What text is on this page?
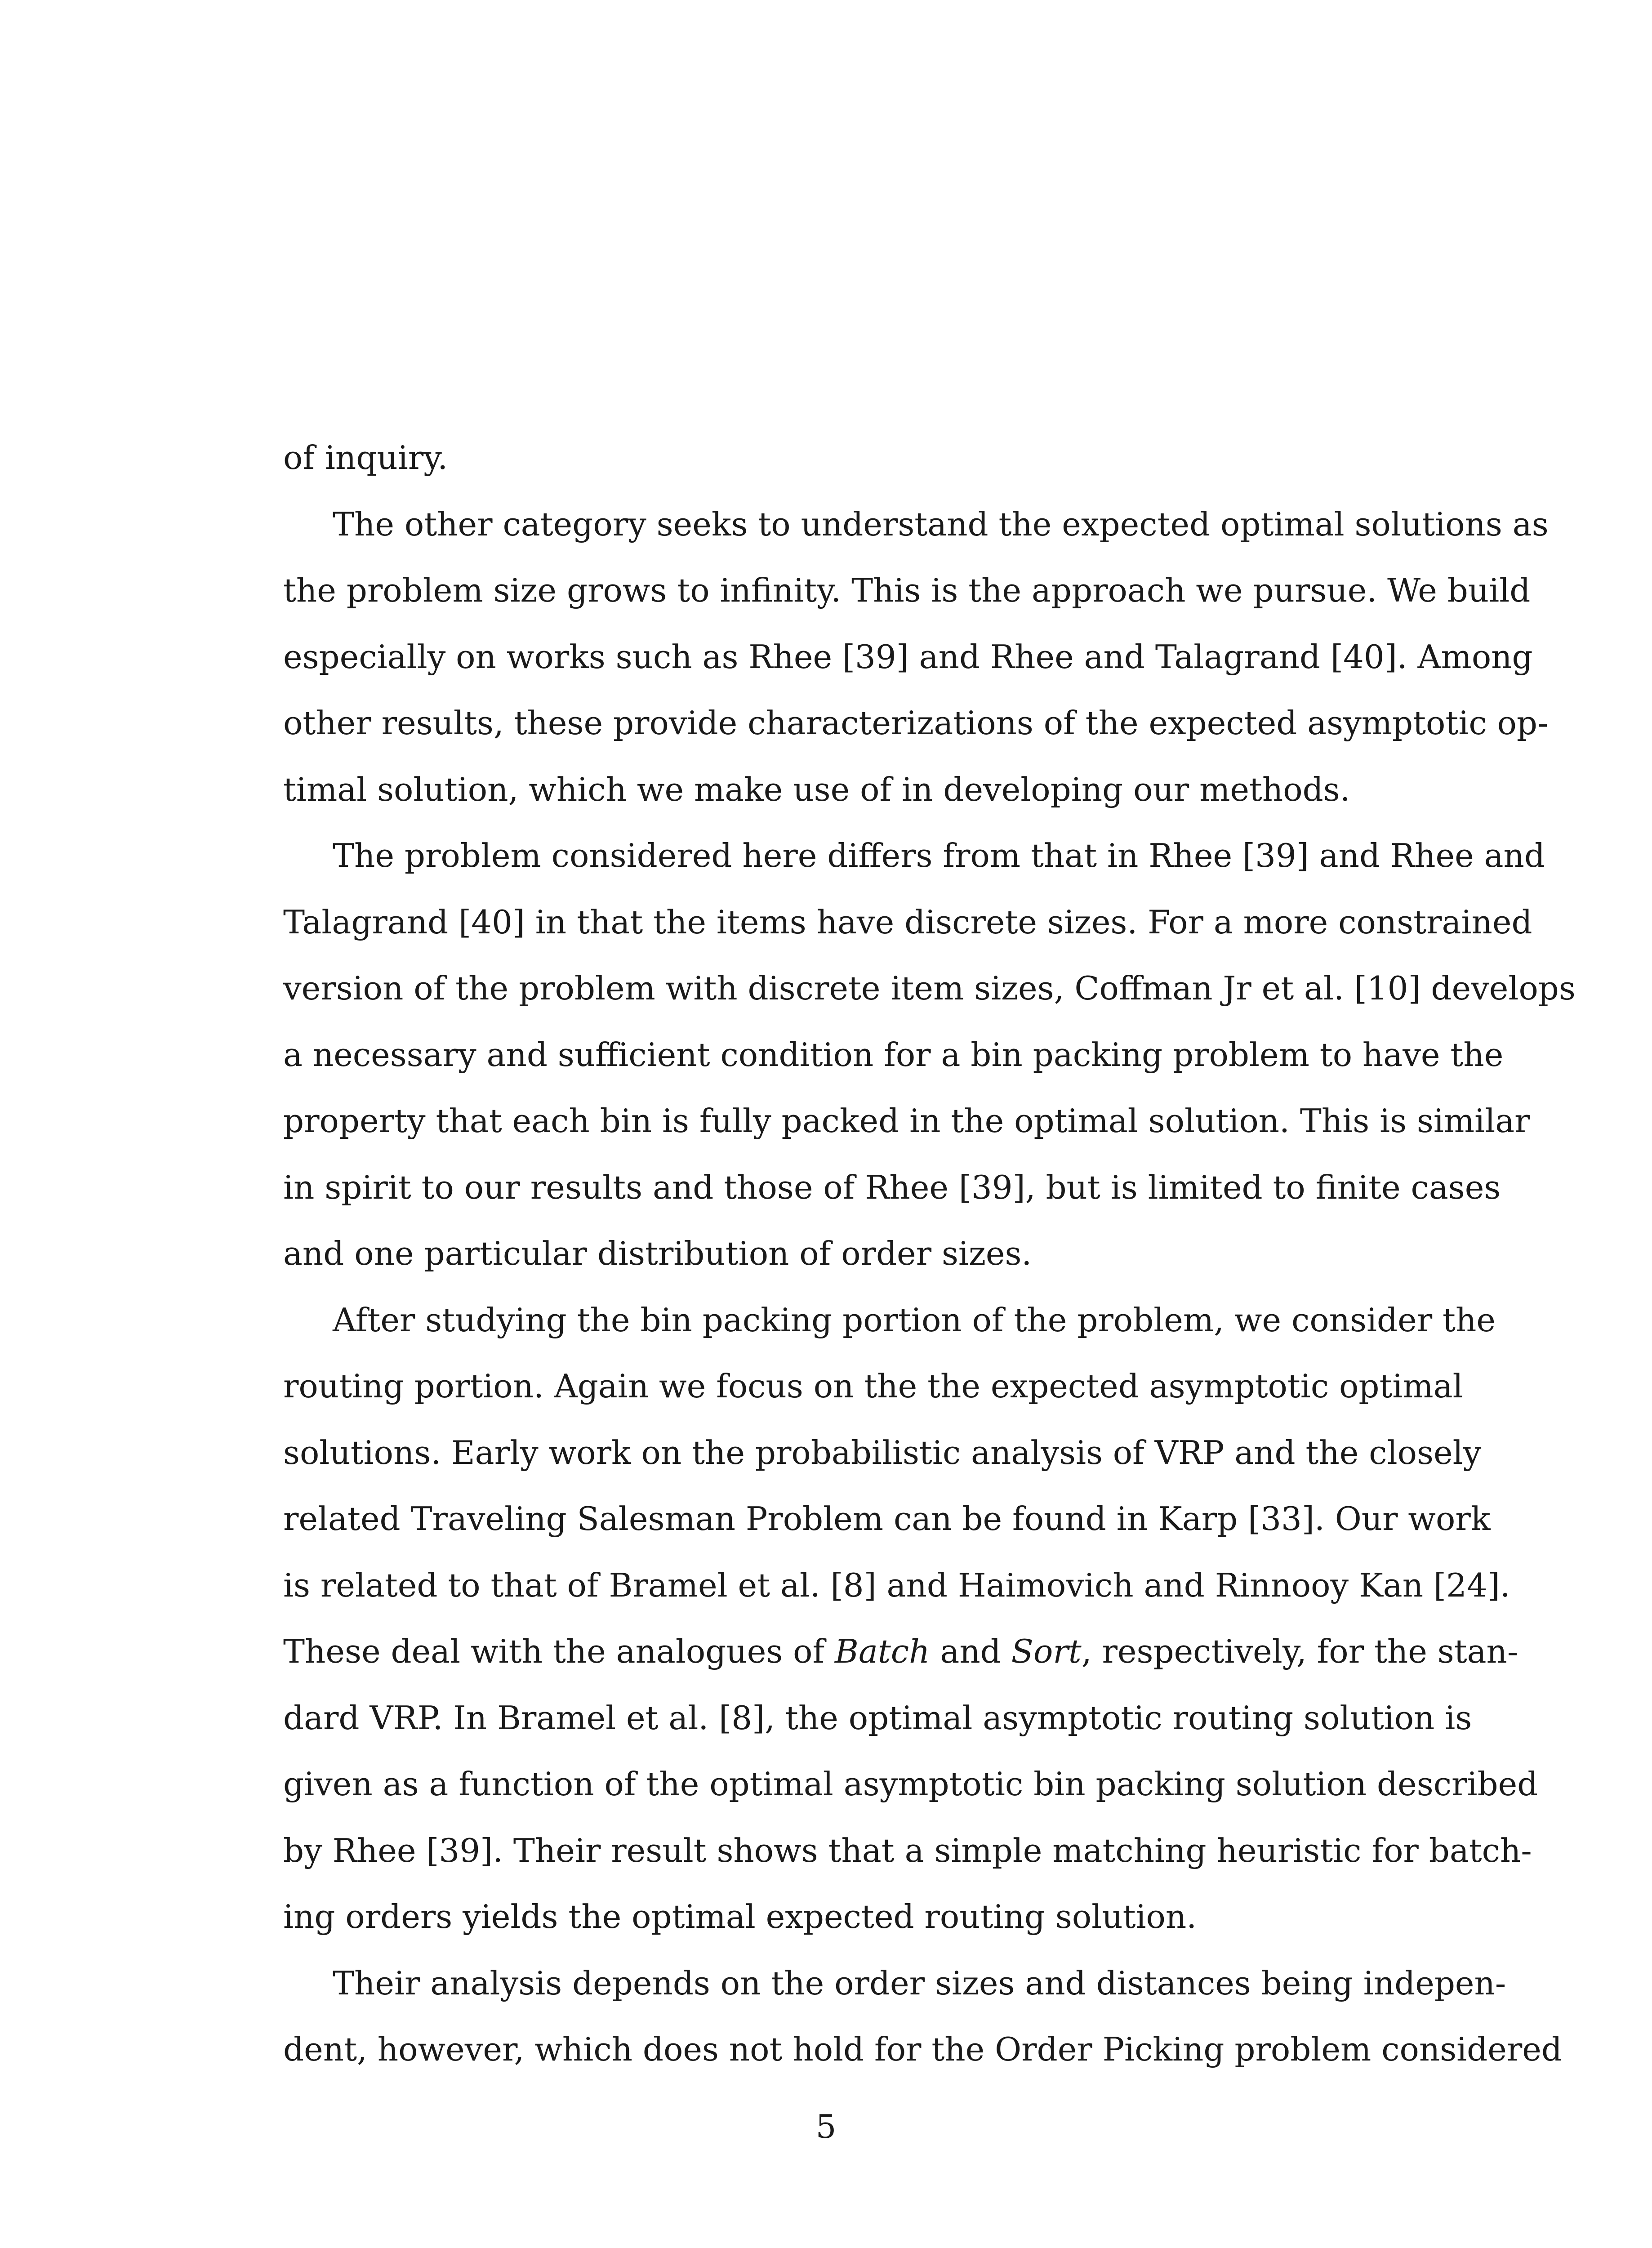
of inquiry.
The other category seeks to understand the expected optimal solutions as
the problem size grows to infinity. This is the approach we pursue. We build
especially on works such as Rhee [39] and Rhee and Talagrand [40]. Among
other results, these provide characterizations of the expected asymptotic op-
timal solution, which we make use of in developing our methods.
The problem considered here differs from that in Rhee [39] and Rhee and
Talagrand [40] in that the items have discrete sizes. For a more constrained
version of the problem with discrete item sizes, Coffman Jr et al. [10] develops
a necessary and sufficient condition for a bin packing problem to have the
property that each bin is fully packed in the optimal solution. This is similar
in spirit to our results and those of Rhee [39], but is limited to finite cases
and one particular distribution of order sizes.
After studying the bin packing portion of the problem, we consider the
routing portion. Again we focus on the the expected asymptotic optimal
solutions. Early work on the probabilistic analysis of VRP and the closely
related Traveling Salesman Problem can be found in Karp [33]. Our work
is related to that of Bramel et al. [8] and Haimovich and Rinnooy Kan [24].
These deal with the analogues of Batch and Sort, respectively, for the stan-
dard VRP. In Bramel et al. [8], the optimal asymptotic routing solution is
given as a function of the optimal asymptotic bin packing solution described
by Rhee [39]. Their result shows that a simple matching heuristic for batch-
ing orders yields the optimal expected routing solution.
Their analysis depends on the order sizes and distances being indepen-
dent, however, which does not hold for the Order Picking problem considered
5
